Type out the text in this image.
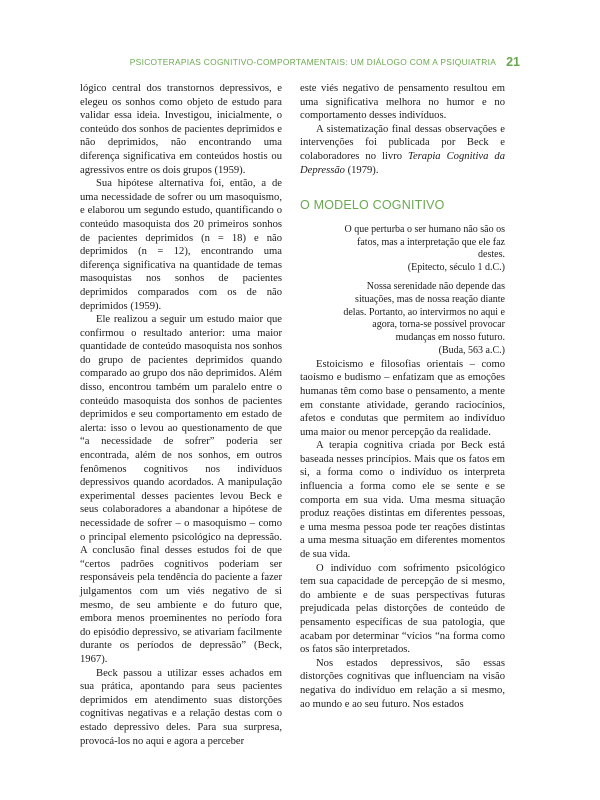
PSICOTERAPIAS COGNITIVO-COMPORTAMENTAIS: UM DIÁLOGO COM A PSIQUIATRIA 21

lógico central dos transtornos depressivos, e elegeu os sonhos como objeto de estudo para validar essa ideia. Investigou, inicialmente, o conteúdo dos sonhos de pacientes deprimidos e não deprimidos, não encontrando uma diferença significativa em conteúdos hostis ou agressivos entre os dois grupos (1959).

Sua hipótese alternativa foi, então, a de uma necessidade de sofrer ou um masoquismo, e elaborou um segundo estudo, quantificando o conteúdo masoquista dos 20 primeiros sonhos de pacientes deprimidos (n = 18) e não deprimidos (n = 12), encontrando uma diferença significativa na quantidade de temas masoquistas nos sonhos de pacientes deprimidos comparados com os de não deprimidos (1959).

Ele realizou a seguir um estudo maior que confirmou o resultado anterior: uma maior quantidade de conteúdo masoquista nos sonhos do grupo de pacientes deprimidos quando comparado ao grupo dos não deprimidos. Além disso, encontrou também um paralelo entre o conteúdo masoquista dos sonhos de pacientes deprimidos e seu comportamento em estado de alerta: isso o levou ao questionamento de que “a necessidade de sofrer” poderia ser encontrada, além de nos sonhos, em outros fenômenos cognitivos nos indivíduos depressivos quando acordados. A manipulação experimental desses pacientes levou Beck e seus colaboradores a abandonar a hipótese de necessidade de sofrer – o masoquismo – como o principal elemento psicológico na depressão. A conclusão final desses estudos foi de que “certos padrões cognitivos poderiam ser responsáveis pela tendência do paciente a fazer julgamentos com um viés negativo de si mesmo, de seu ambiente e do futuro que, embora menos proeminentes no período fora do episódio depressivo, se ativariam facilmente durante os períodos de depressão” (Beck, 1967).

Beck passou a utilizar esses achados em sua prática, apontando para seus pacientes deprimidos em atendimento suas distorções cognitivas negativas e a relação destas com o estado depressivo deles. Para sua surpresa, provocá-los no aqui e agora a perceber

este viés negativo de pensamento resultou em uma significativa melhora no humor e no comportamento desses indivíduos.

A sistematização final dessas observações e intervenções foi publicada por Beck e colaboradores no livro Terapia Cognitiva da Depressão (1979).

O MODELO COGNITIVO

O que perturba o ser humano não são os fatos, mas a interpretação que ele faz destes.

(Epitecto, século 1 d.C.)

Nossa serenidade não depende das situações, mas de nossa reação diante delas. Portanto, ao intervirmos no aqui e agora, torna-se possível provocar mudanças em nosso futuro.

(Buda, 563 a.C.)

Estoicismo e filosofias orientais – como taoísmo e budismo – enfatizam que as emoções humanas têm como base o pensamento, a mente em constante atividade, gerando raciocínios, afetos e condutas que permitem ao indivíduo uma maior ou menor percepção da realidade.

A terapia cognitiva criada por Beck está baseada nesses princípios. Mais que os fatos em si, a forma como o indivíduo os interpreta influencia a forma como ele se sente e se comporta em sua vida. Uma mesma situação produz reações distintas em diferentes pessoas, e uma mesma pessoa pode ter reações distintas a uma mesma situação em diferentes momentos de sua vida.

O indivíduo com sofrimento psicológico tem sua capacidade de percepção de si mesmo, do ambiente e de suas perspectivas futuras prejudicada pelas distorções de conteúdo de pensamento específicas de sua patologia, que acabam por determinar “vícios “na forma como os fatos são interpretados.

Nos estados depressivos, são essas distorções cognitivas que influenciam na visão negativa do indivíduo em relação a si mesmo, ao mundo e ao seu futuro. Nos estados
